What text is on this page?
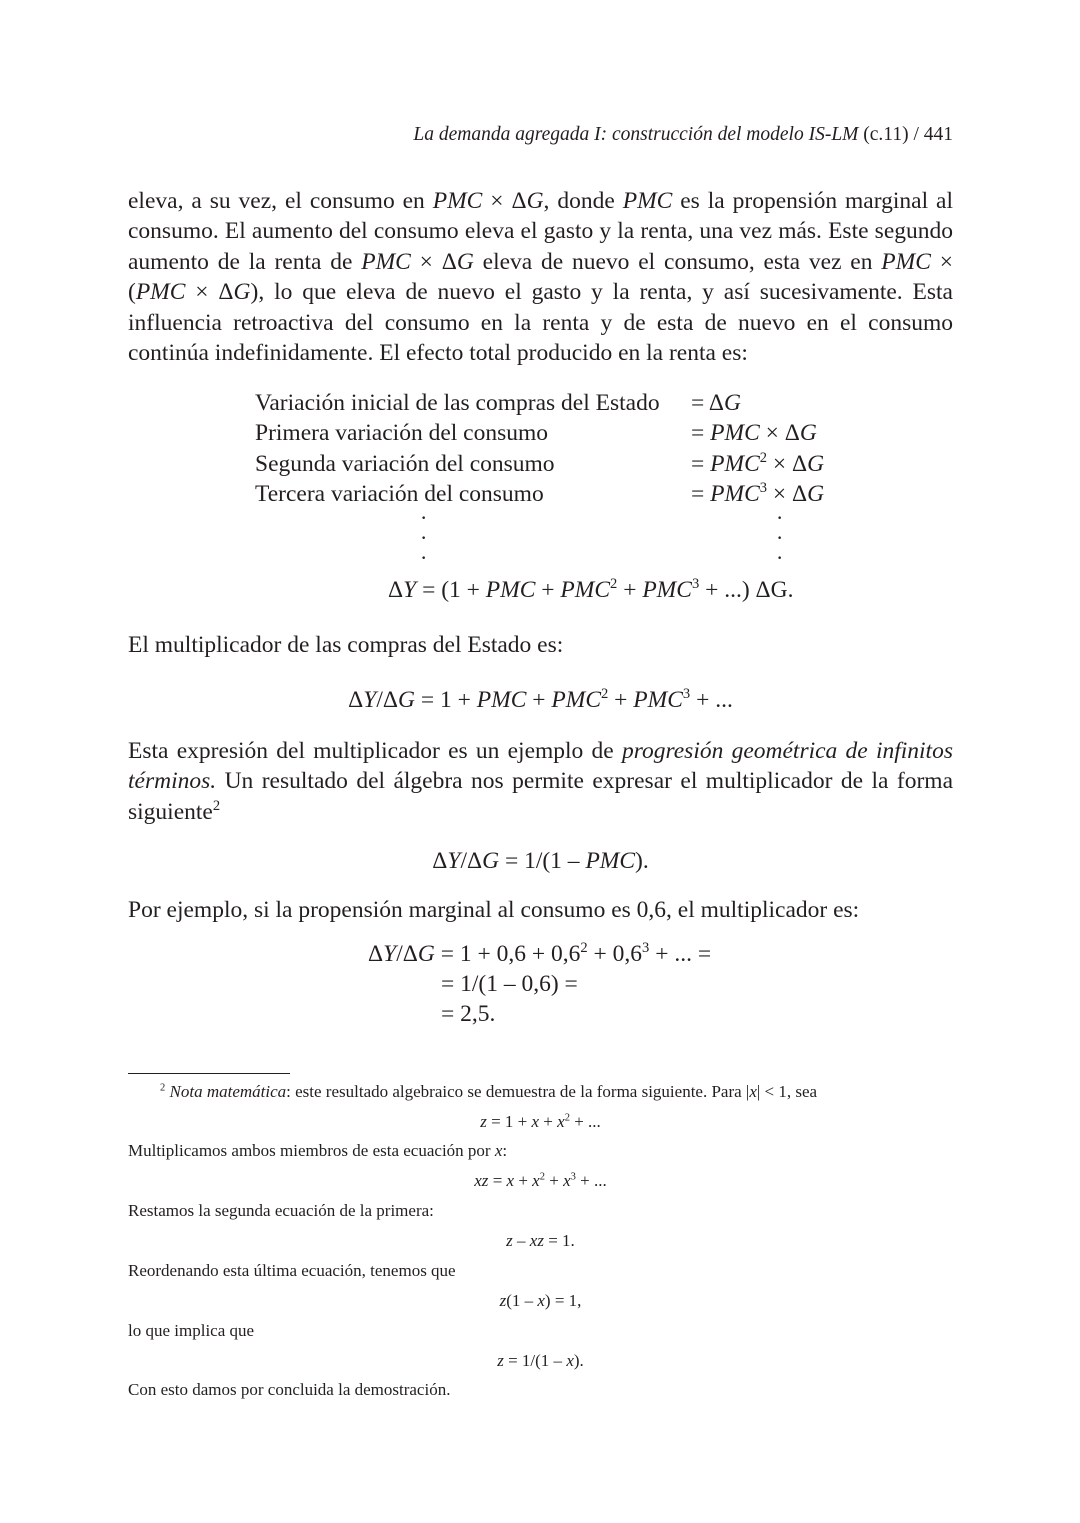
La demanda agregada I: construcción del modelo IS-LM (c.11) / 441
eleva, a su vez, el consumo en PMC × ΔG, donde PMC es la propensión marginal al consumo. El aumento del consumo eleva el gasto y la renta, una vez más. Este segundo aumento de la renta de PMC × ΔG eleva de nuevo el consumo, esta vez en PMC × (PMC × ΔG), lo que eleva de nuevo el gasto y la renta, y así sucesivamente. Esta influencia retroactiva del consumo en la renta y de esta de nuevo en el consumo continúa indefinidamente. El efecto total producido en la renta es:
Variación inicial de las compras del Estado = ΔG
Primera variación del consumo	= PMC × ΔG
Segunda variación del consumo	= $PMC^2 \times \Delta G$
Tercera variación del consumo	= $PMC^3 \times \Delta G$
·
·
·
·
·
·
ΔY = (1 + PMC + $PMC^2 + PMC^3$ + ...) ΔG.
El multiplicador de las compras del Estado es:
ΔY/ΔG = 1 + PMC + $PMC^2 + PMC^3$ + ...
Esta expresión del multiplicador es un ejemplo de progresión geométrica de infinitos términos. Un resultado del álgebra nos permite expresar el multiplicador de la forma siguiente$^2$
ΔY/ΔG = 1/(1 – PMC).
Por ejemplo, si la propensión marginal al consumo es 0,6, el multiplicador es:
$\Delta Y/\Delta G = 1 + 0,6 + 0,6^2 + 0,6^3$ + ... =
= 1/(1 – 0,6) =
= 2,5.
$^2$ Nota matemática: este resultado algebraico se demuestra de la forma siguiente. Para |x| < 1, sea
$z = 1 + x + x^2$ + ...
Multiplicamos ambos miembros de esta ecuación por x:
xz = $x + x^2 + x^3$ + ...
Restamos la segunda ecuación de la primera:
z – xz = 1.
Reordenando esta última ecuación, tenemos que
z(1 – x) = 1,
lo que implica que
z = 1/(1 – x).
Con esto damos por concluida la demostración.
